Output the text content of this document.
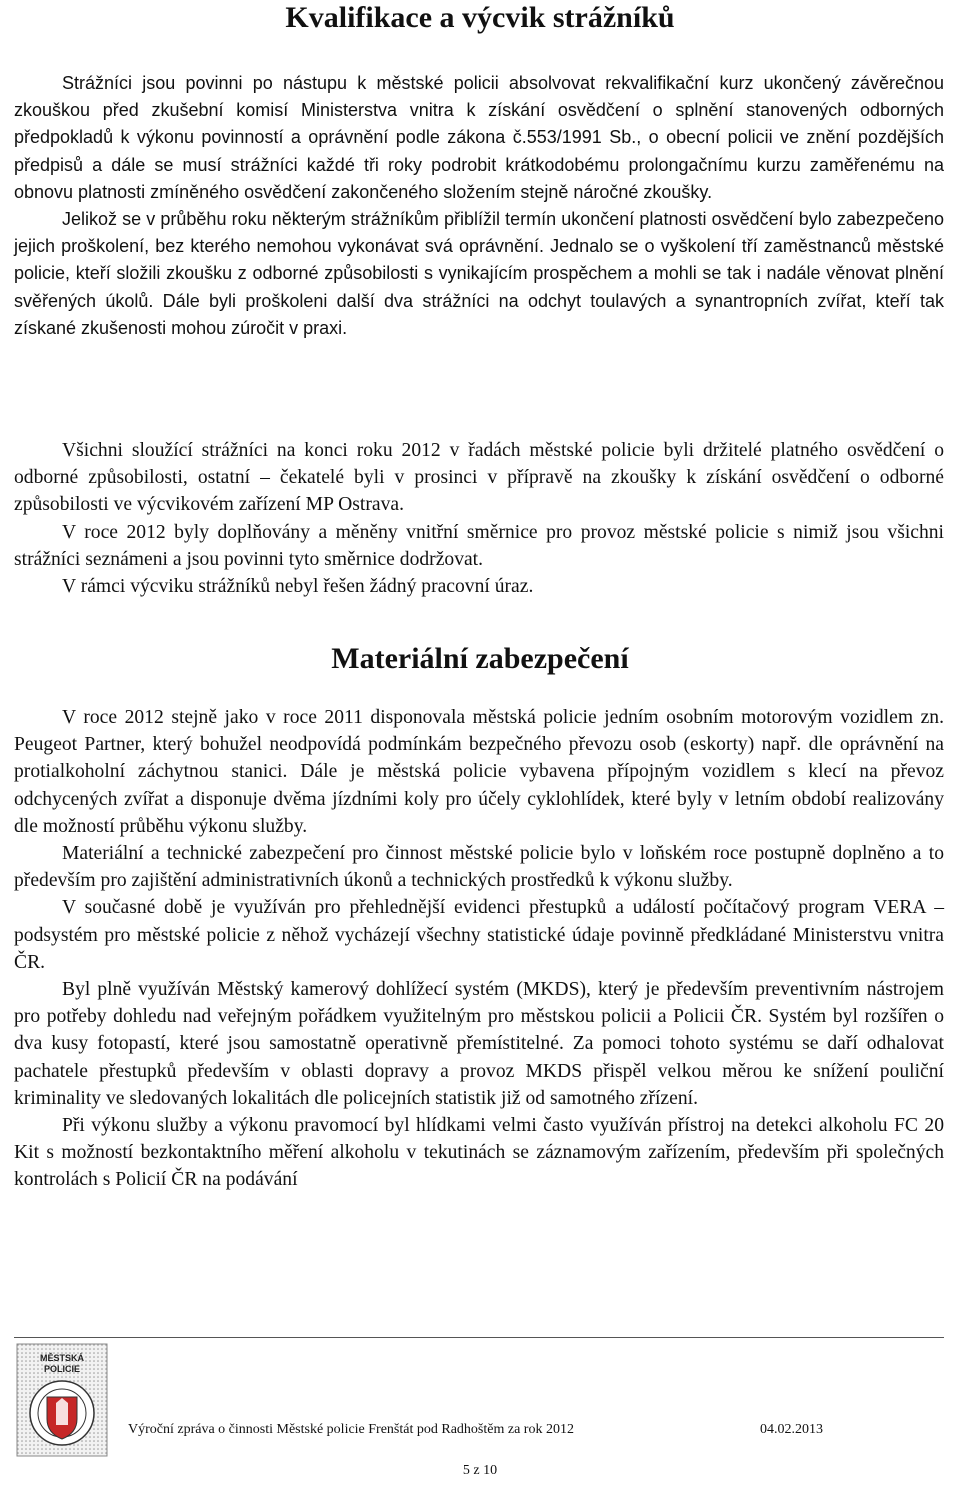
Kvalifikace a výcvik strážníků

Strážníci jsou povinni po nástupu k městské policii absolvovat rekvalifikační kurz ukončený závěrečnou zkouškou před zkušební komisí Ministerstva vnitra k získání osvědčení o splnění stanovených odborných předpokladů k výkonu povinností a oprávnění podle zákona č.553/1991 Sb., o obecní policii ve znění pozdějších předpisů a dále se musí strážníci každé tři roky podrobit krátkodobému prolongačnímu kurzu zaměřenému na obnovu platnosti zmíněného osvědčení zakončeného složením stejně náročné zkoušky.

Jelikož se v průběhu roku některým strážníkům přiblížil termín ukončení platnosti osvědčení bylo zabezpečeno jejich proškolení, bez kterého nemohou vykonávat svá oprávnění. Jednalo se o vyškolení tří zaměstnanců městské policie, kteří složili zkoušku z odborné způsobilosti s vynikajícím prospěchem a mohli se tak i nadále věnovat plnění svěřených úkolů. Dále byli proškoleni další dva strážníci na odchyt toulavých a synantropních zvířat, kteří tak získané zkušenosti mohou zúročit v praxi.

Všichni sloužící strážníci na konci roku 2012 v řadách městské policie byli držitelé platného osvědčení o odborné způsobilosti, ostatní – čekatelé byli v prosinci v přípravě na zkoušky k získání osvědčení o odborné způsobilosti ve výcvikovém zařízení MP Ostrava.

V roce 2012 byly doplňovány a měněny vnitřní směrnice pro provoz městské policie s nimiž jsou všichni strážníci seznámeni a jsou povinni tyto směrnice dodržovat.

V rámci výcviku strážníků nebyl řešen žádný pracovní úraz.

Materiální zabezpečení

V roce 2012 stejně jako v roce 2011 disponovala městská policie jedním osobním motorovým vozidlem zn. Peugeot Partner, který bohužel neodpovídá podmínkám bezpečného převozu osob (eskorty) např. dle oprávnění na protialkoholní záchytnou stanici. Dále je městská policie vybavena přípojným vozidlem s klecí na převoz odchycených zvířat a disponuje dvěma jízdními koly pro účely cyklohlídek, které byly v letním období realizovány dle možností průběhu výkonu služby.

Materiální a technické zabezpečení pro činnost městské policie bylo v loňském roce postupně doplněno a to především pro zajištění administrativních úkonů a technických prostředků k výkonu služby.

V současné době je využíván pro přehlednější evidenci přestupků a událostí počítačový program VERA – podsystém pro městské policie z něhož vycházejí všechny statistické údaje povinně předkládané Ministerstvu vnitra ČR.

Byl plně využíván Městský kamerový dohlížecí systém (MKDS), který je především preventivním nástrojem pro potřeby dohledu nad veřejným pořádkem využitelným pro městskou policii a Policii ČR. Systém byl rozšířen o dva kusy fotopastí, které jsou samostatně operativně přemístitelné. Za pomoci tohoto systému se daří odhalovat pachatele přestupků především v oblasti dopravy a provoz MKDS přispěl velkou měrou ke snížení pouliční kriminality ve sledovaných lokalitách dle policejních statistik již od samotného zřízení.

Při výkonu služby a výkonu pravomocí byl hlídkami velmi často využíván přístroj na detekci alkoholu FC 20 Kit s možností bezkontaktního měření alkoholu v tekutinách se záznamovým zařízením, především při společných kontrolách s Policií ČR na podávání

MĚSTSKÁ
POLICIE
Výroční zpráva o činnosti Městské policie Frenštát pod Radhoštěm za rok 2012	04.02.2013
5 z 10
